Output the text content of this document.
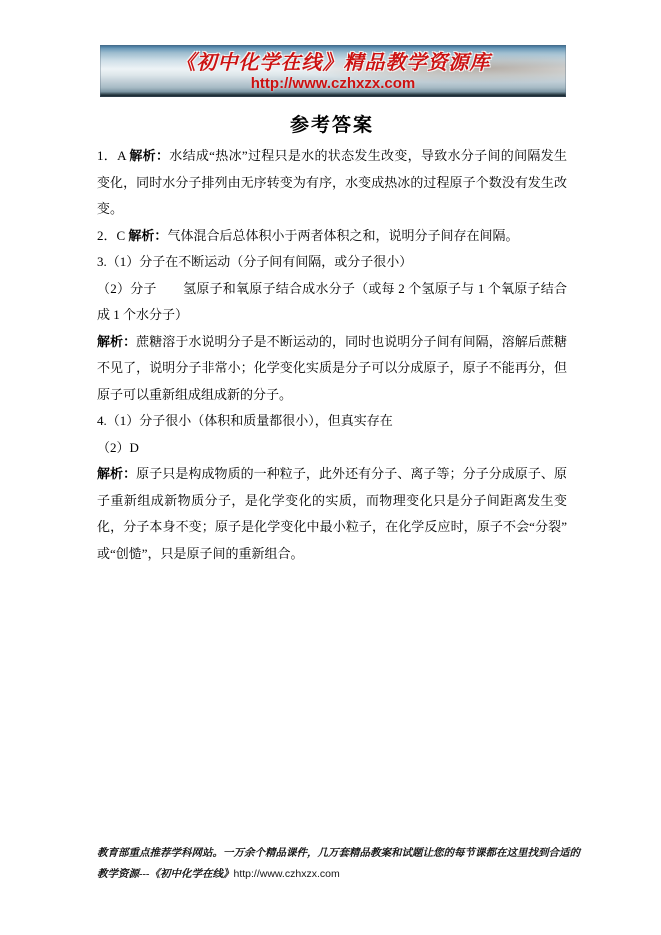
《初中化学在线》精品教学资源库
http://www.czhxzx.com
参考答案

1．A 解析：水结成“热冰”过程只是水的状态发生改变，导致水分子间的间隔发生变化，同时水分子排列由无序转变为有序，水变成热冰的过程原子个数没有发生改变。

2．C 解析：气体混合后总体积小于两者体积之和，说明分子间存在间隔。

3.（1）分子在不断运动（分子间有间隔，或分子很小）

（2）分子　　氢原子和氧原子结合成水分子（或每 2 个氢原子与 1 个氧原子结合成 1 个水分子）

解析：蔗糖溶于水说明分子是不断运动的，同时也说明分子间有间隔，溶解后蔗糖不见了，说明分子非常小；化学变化实质是分子可以分成原子，原子不能再分，但原子可以重新组成组成新的分子。

4.（1）分子很小（体积和质量都很小），但真实存在

（2）D

解析：原子只是构成物质的一种粒子，此外还有分子、离子等；分子分成原子、原子重新组成新物质分子，是化学变化的实质，而物理变化只是分子间距离发生变化，分子本身不变；原子是化学变化中最小粒子，在化学反应时，原子不会“分裂” 或“创慥”，只是原子间的重新组合。

教育部重点推荐学科网站。一万余个精品课件，几万套精品教案和试题让您的每节课都在这里找到合适的
教学资源---《初中化学在线》http://www.czhxzx.com
